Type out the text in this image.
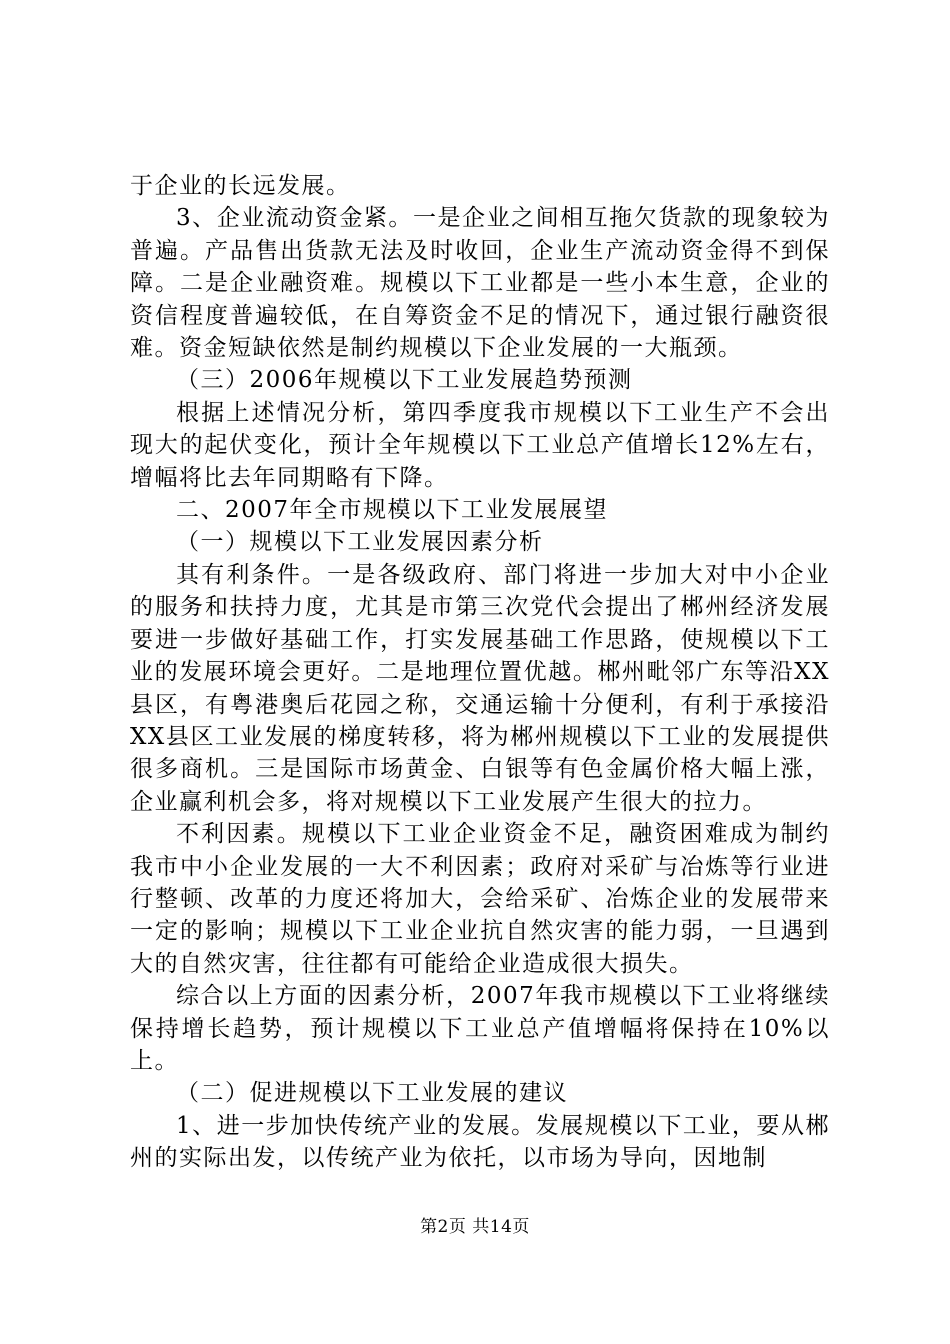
于企业的长远发展。

3、企业流动资金紧。一是企业之间相互拖欠货款的现象较为普遍。产品售出货款无法及时收回，企业生产流动资金得不到保障。二是企业融资难。规模以下工业都是一些小本生意，企业的资信程度普遍较低，在自筹资金不足的情况下，通过银行融资很难。资金短缺依然是制约规模以下企业发展的一大瓶颈。

（三）2006年规模以下工业发展趋势预测

根据上述情况分析，第四季度我市规模以下工业生产不会出现大的起伏变化，预计全年规模以下工业总产值增长12%左右，增幅将比去年同期略有下降。

二、2007年全市规模以下工业发展展望

（一）规模以下工业发展因素分析

其有利条件。一是各级政府、部门将进一步加大对中小企业的服务和扶持力度，尤其是市第三次党代会提出了郴州经济发展要进一步做好基础工作，打实发展基础工作思路，使规模以下工业的发展环境会更好。二是地理位置优越。郴州毗邻广东等沿XX县区，有粤港奥后花园之称，交通运输十分便利，有利于承接沿XX县区工业发展的梯度转移，将为郴州规模以下工业的发展提供很多商机。三是国际市场黄金、白银等有色金属价格大幅上涨，企业赢利机会多，将对规模以下工业发展产生很大的拉力。

不利因素。规模以下工业企业资金不足，融资困难成为制约我市中小企业发展的一大不利因素；政府对采矿与冶炼等行业进行整顿、改革的力度还将加大，会给采矿、冶炼企业的发展带来一定的影响；规模以下工业企业抗自然灾害的能力弱，一旦遇到大的自然灾害，往往都有可能给企业造成很大损失。

综合以上方面的因素分析，2007年我市规模以下工业将继续保持增长趋势，预计规模以下工业总产值增幅将保持在10%以上。

（二）促进规模以下工业发展的建议

1、进一步加快传统产业的发展。发展规模以下工业，要从郴州的实际出发，以传统产业为依托，以市场为导向，因地制

第2页 共14页
